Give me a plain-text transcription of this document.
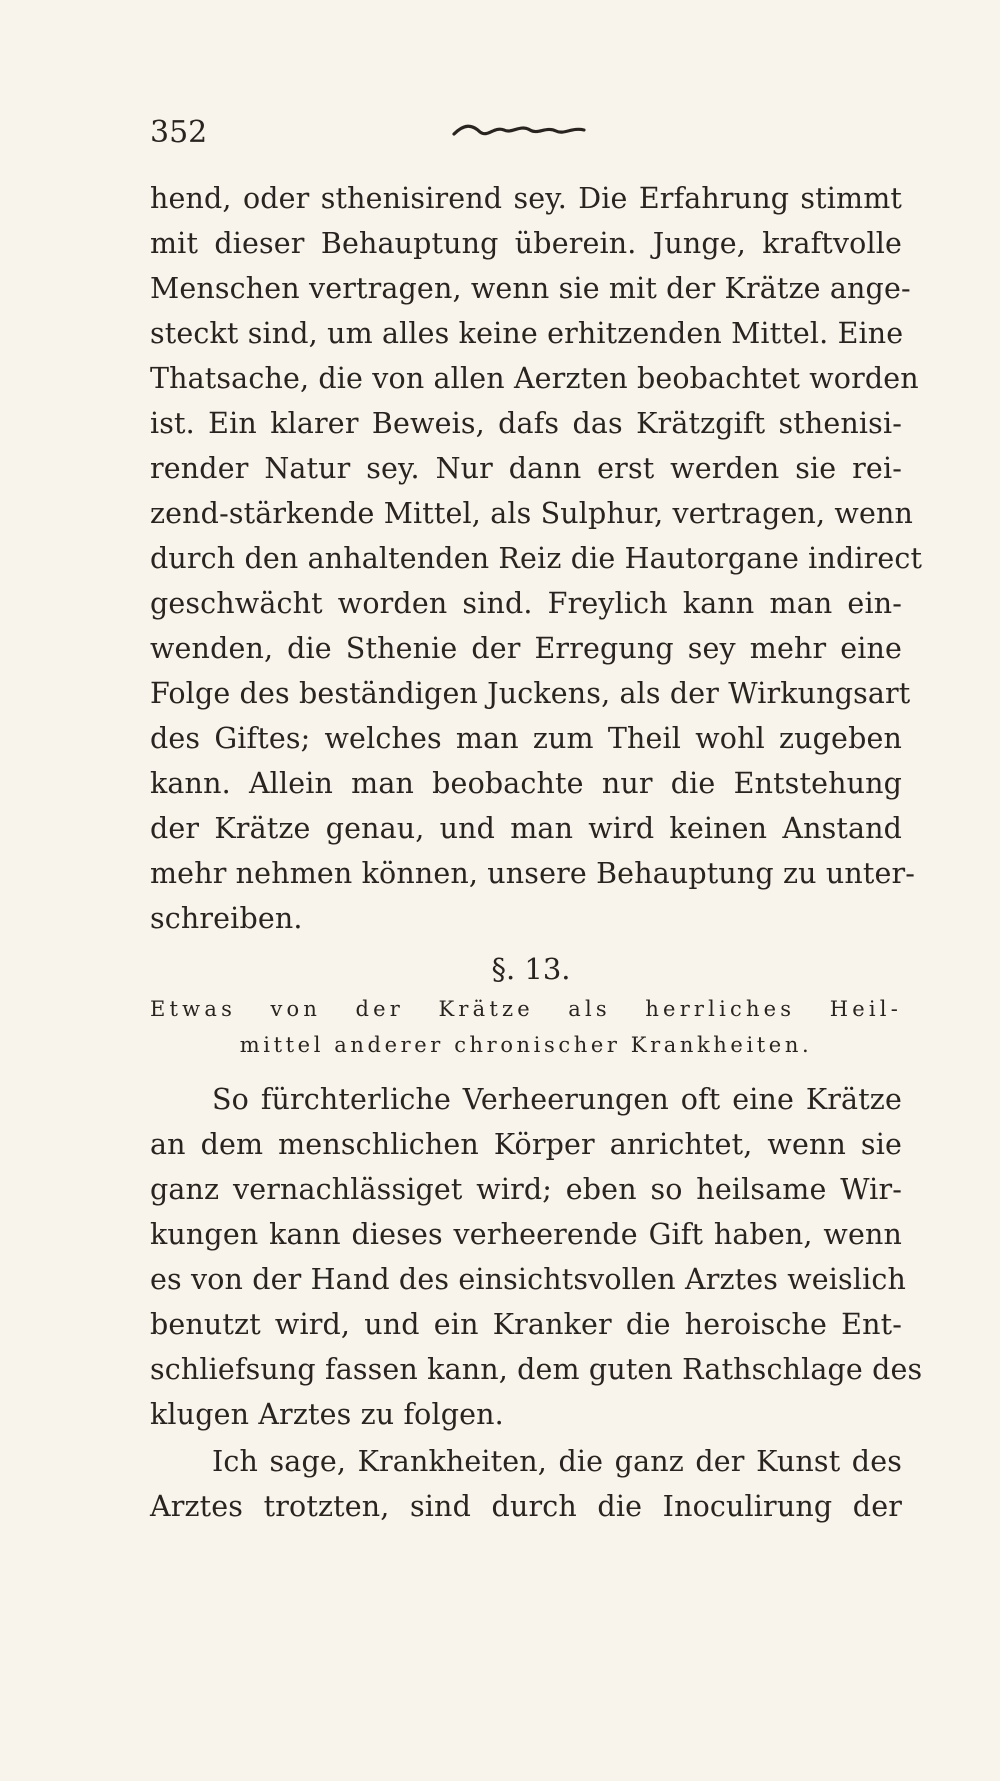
352
hend, oder sthenisirend sey. Die Erfahrung stimmt
mit dieser Behauptung überein. Junge, kraftvolle
Menschen vertragen, wenn sie mit der Krätze ange-
steckt sind, um alles keine erhitzenden Mittel. Eine
Thatsache, die von allen Aerzten beobachtet worden
ist. Ein klarer Beweis, dafs das Krätzgift sthenisi-
render Natur sey. Nur dann erst werden sie rei-
zend-stärkende Mittel, als Sulphur, vertragen, wenn
durch den anhaltenden Reiz die Hautorgane indirect
geschwächt worden sind. Freylich kann man ein-
wenden, die Sthenie der Erregung sey mehr eine
Folge des beständigen Juckens, als der Wirkungsart
des Giftes; welches man zum Theil wohl zugeben
kann. Allein man beobachte nur die Entstehung
der Krätze genau, und man wird keinen Anstand
mehr nehmen können, unsere Behauptung zu unter-
schreiben.
§. 13.
Etwas von der Krätze als herrliches Heil-
mittel anderer chronischer Krankheiten.
So fürchterliche Verheerungen oft eine Krätze
an dem menschlichen Körper anrichtet, wenn sie
ganz vernachlässiget wird; eben so heilsame Wir-
kungen kann dieses verheerende Gift haben, wenn
es von der Hand des einsichtsvollen Arztes weislich
benutzt wird, und ein Kranker die heroische Ent-
schliefsung fassen kann, dem guten Rathschlage des
klugen Arztes zu folgen.
Ich sage, Krankheiten, die ganz der Kunst des
Arztes trotzten, sind durch die Inoculirung der
